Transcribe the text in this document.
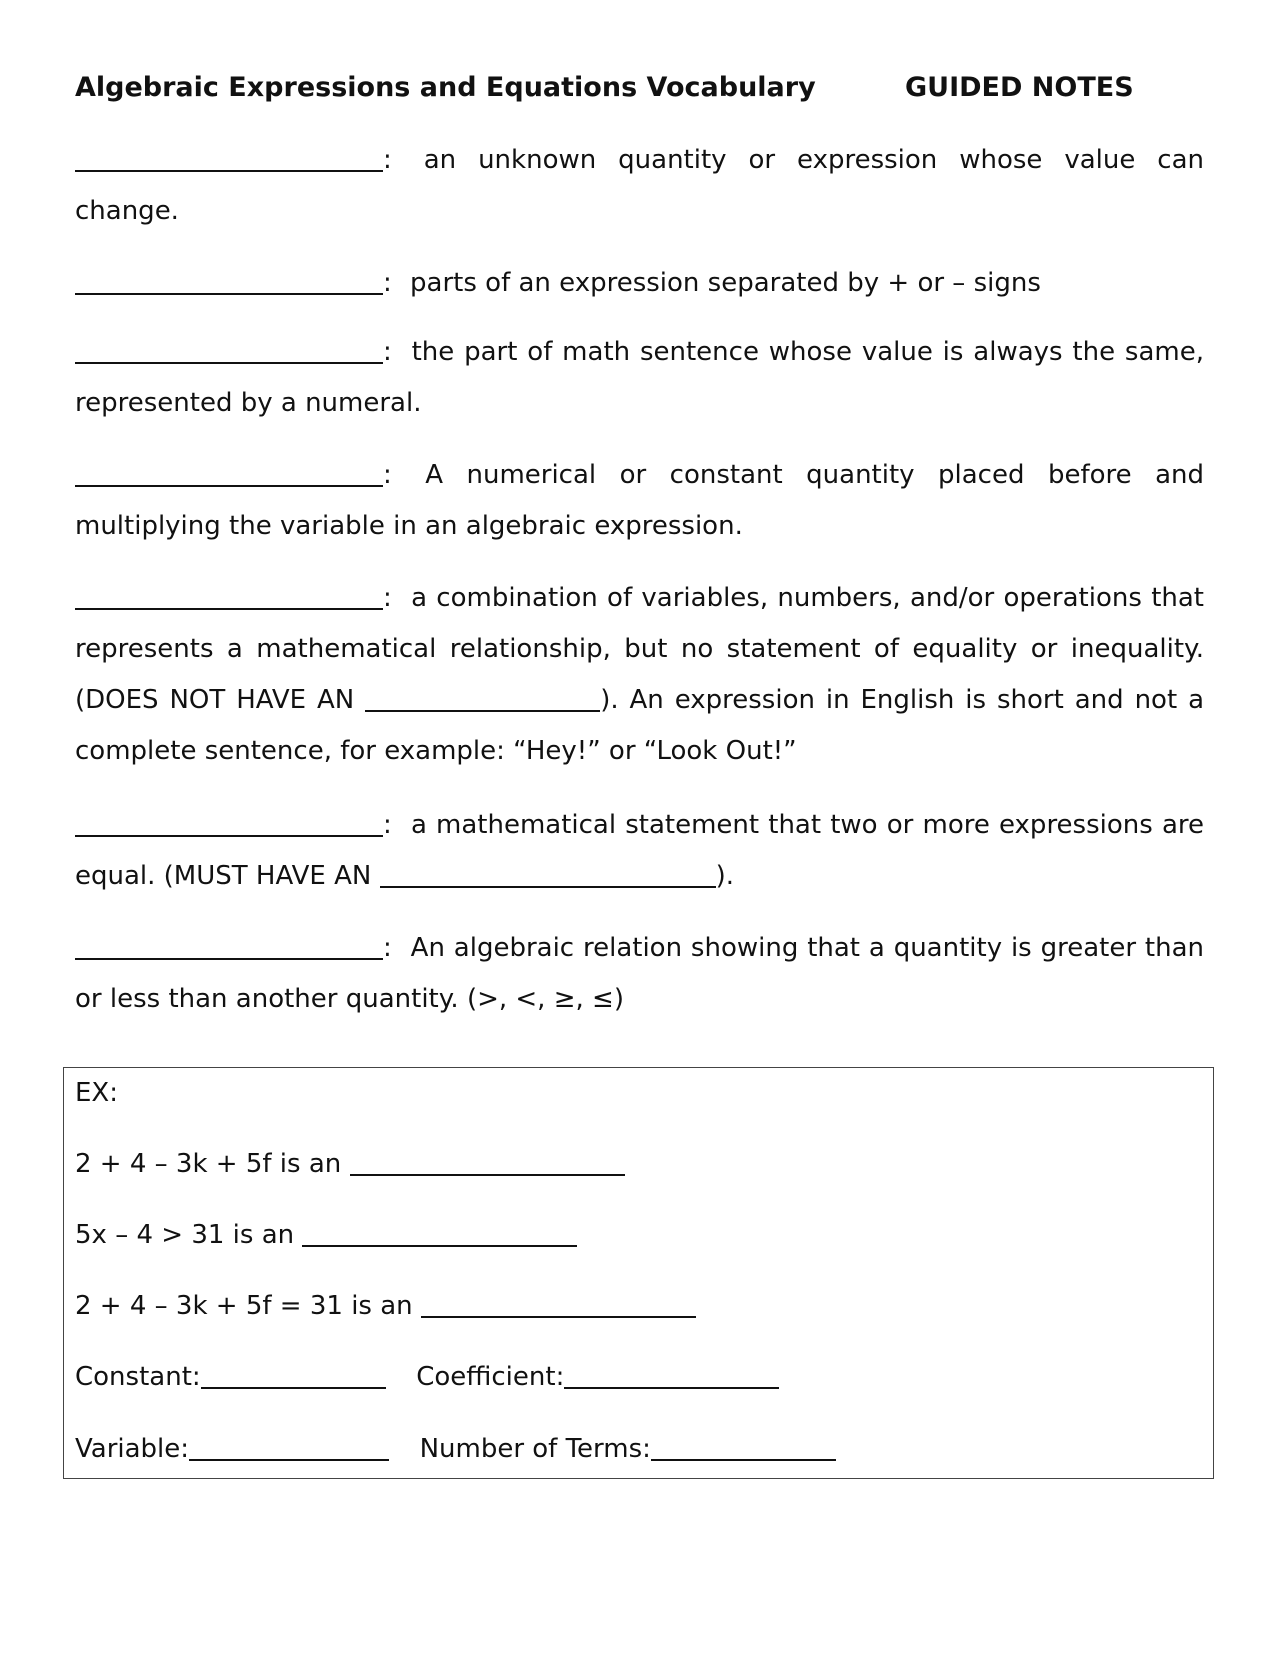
Algebraic Expressions and Equations Vocabulary	GUIDED NOTES
: an unknown quantity or expression whose value can change.
: parts of an expression separated by + or – signs
: the part of math sentence whose value is always the same, represented by a numeral.
: A numerical or constant quantity placed before and multiplying the variable in an algebraic expression.
: a combination of variables, numbers, and/or operations that represents a mathematical relationship, but no statement of equality or inequality. (DOES NOT HAVE AN	). An expression in English is short and not a complete sentence, for example: “Hey!” or “Look Out!”
: a mathematical statement that two or more expressions are equal. (MUST HAVE AN	).
: An algebraic relation showing that a quantity is greater than or less than another quantity. (>, <, ≥, ≤)
EX:
2 + 4 – 3k + 5f is an
5x – 4 > 31 is an
2 + 4 – 3k + 5f = 31 is an
Constant:	Coefficient:
Variable:	Number of Terms:
